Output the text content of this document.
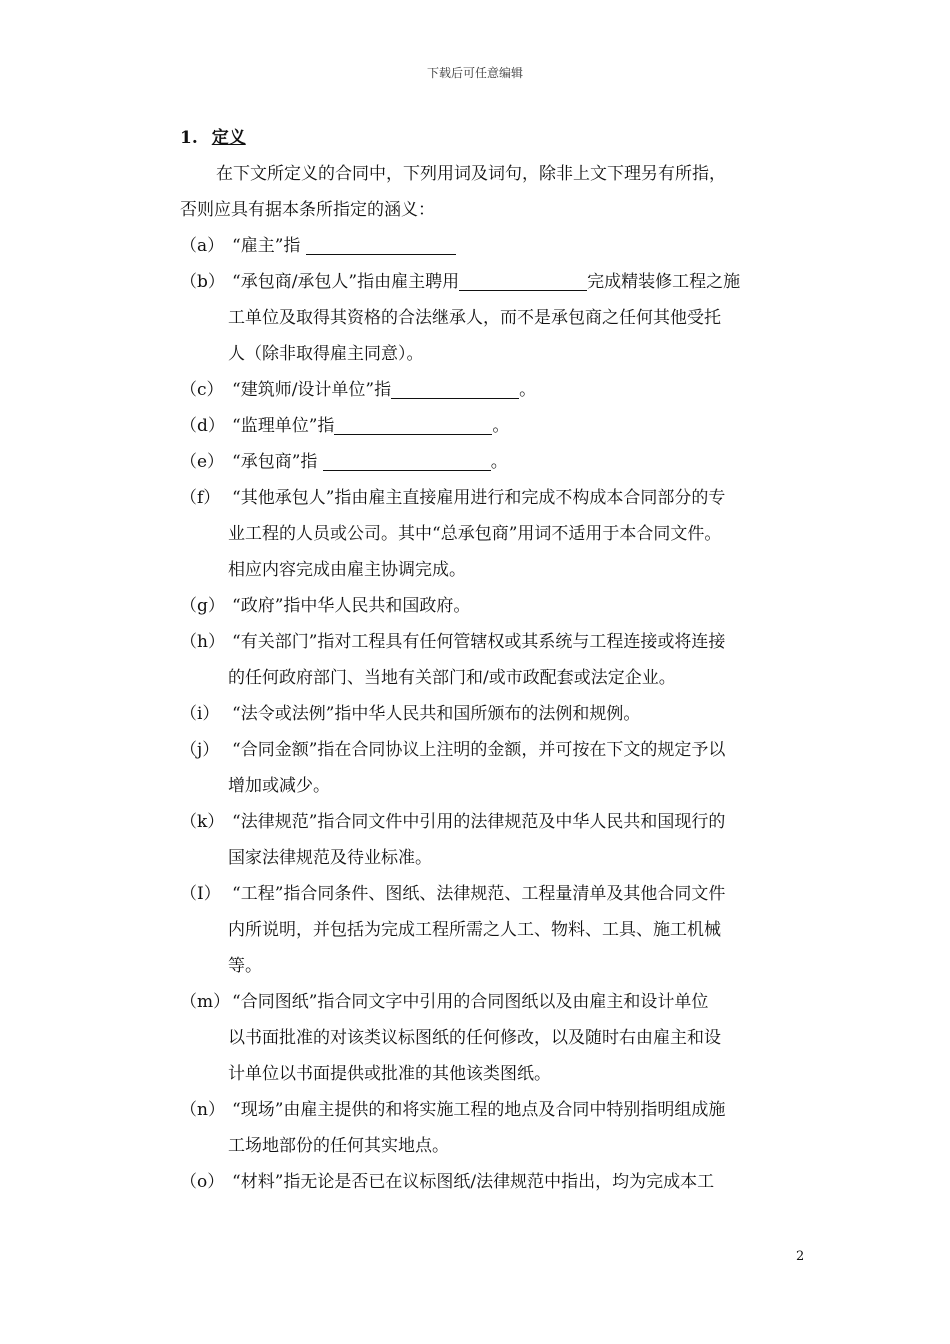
下载后可任意编辑
1. 定义
在下文所定义的合同中，下列用词及词句，除非上文下理另有所指，
否则应具有据本条所指定的涵义：
（a） “雇主”指
（b） “承包商/承包人”指由雇主聘用	完成精装修工程之施
工单位及取得其资格的合法继承人，而不是承包商之任何其他受托
人（除非取得雇主同意）。
（c） “建筑师/设计单位”指	。
（d） “监理单位”指	。
（e） “承包商”指	。
（f） “其他承包人”指由雇主直接雇用进行和完成不构成本合同部分的专
业工程的人员或公司。其中“总承包商”用词不适用于本合同文件。
相应内容完成由雇主协调完成。
（g） “政府”指中华人民共和国政府。
（h） “有关部门”指对工程具有任何管辖权或其系统与工程连接或将连接
的任何政府部门、当地有关部门和/或市政配套或法定企业。
（i） “法令或法例”指中华人民共和国所颁布的法例和规例。
（j） “合同金额”指在合同协议上注明的金额，并可按在下文的规定予以
增加或减少。
（k） “法律规范”指合同文件中引用的法律规范及中华人民共和国现行的
国家法律规范及待业标准。
（I） “工程”指合同条件、图纸、法律规范、工程量清单及其他合同文件
内所说明，并包括为完成工程所需之人工、物料、工具、施工机械
等。
（m） “合同图纸”指合同文字中引用的合同图纸以及由雇主和设计单位
以书面批准的对该类议标图纸的任何修改，以及随时右由雇主和设
计单位以书面提供或批准的其他该类图纸。
（n） “现场”由雇主提供的和将实施工程的地点及合同中特别指明组成施
工场地部份的任何其实地点。
（o） “材料”指无论是否已在议标图纸/法律规范中指出，均为完成本工
2
